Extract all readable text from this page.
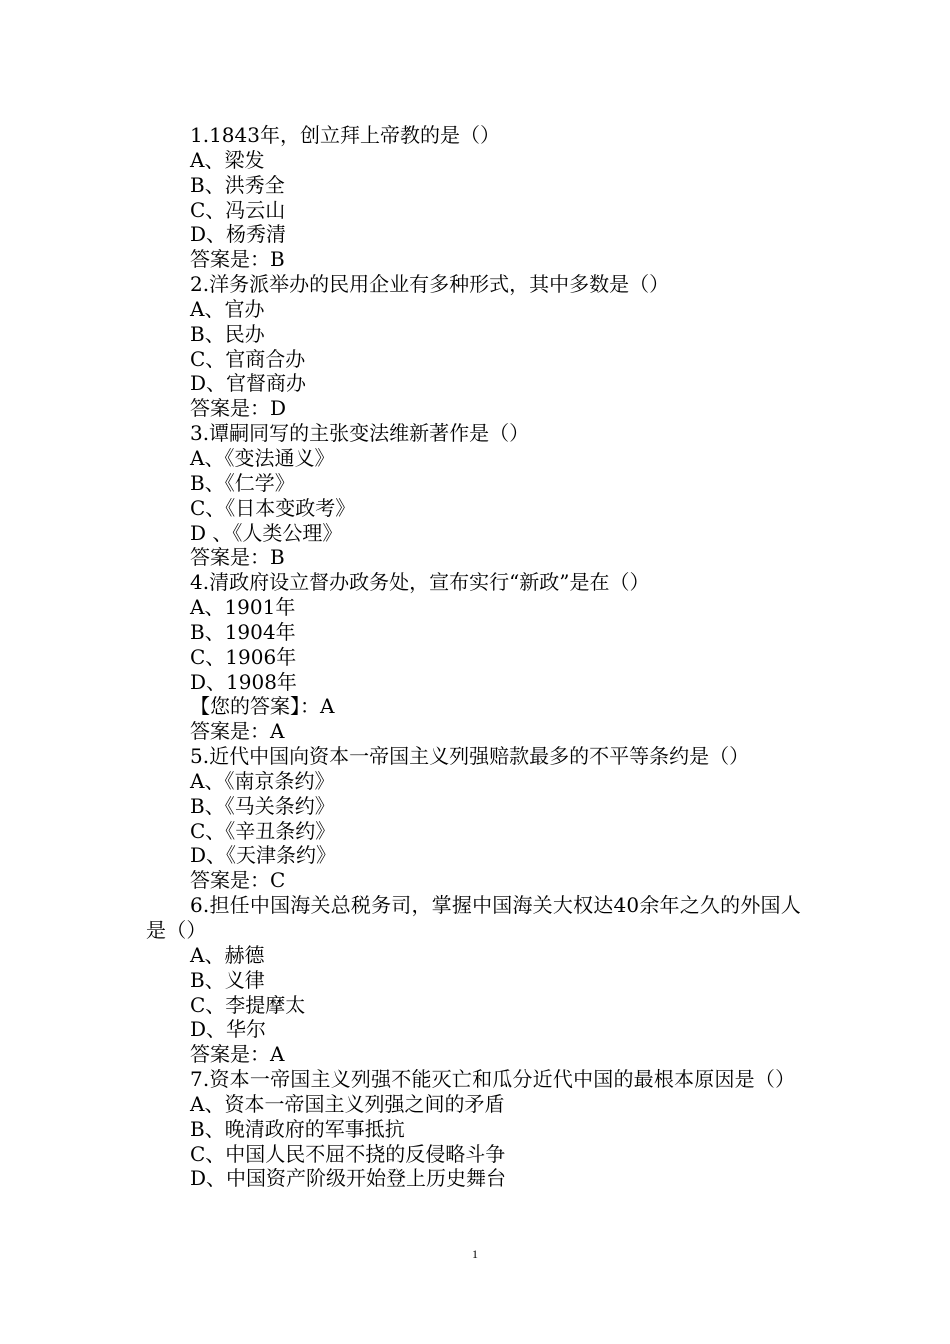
1.1843年，创立拜上帝教的是（）
A、梁发
B、洪秀全
C、冯云山
D、杨秀清
答案是：B
2.洋务派举办的民用企业有多种形式，其中多数是（）
A、官办
B、民办
C、官商合办
D、官督商办
答案是：D
3.谭嗣同写的主张变法维新著作是（）
A、《变法通义》
B、《仁学》
C、《日本变政考》
D 、《人类公理》
答案是：B
4.清政府设立督办政务处，宣布实行“新政”是在（）
A、1901年
B、1904年
C、1906年
D、1908年
【您的答案】：A
答案是：A
5.近代中国向资本一帝国主义列强赔款最多的不平等条约是（）
A、《南京条约》
B、《马关条约》
C、《辛丑条约》
D、《天津条约》
答案是：C
6.担任中国海关总税务司，掌握中国海关大权达40余年之久的外国人是（）
A、赫德
B、义律
C、李提摩太
D、华尔
答案是：A
7.资本一帝国主义列强不能灭亡和瓜分近代中国的最根本原因是（）
A、资本一帝国主义列强之间的矛盾
B、晚清政府的军事抵抗
C、中国人民不屈不挠的反侵略斗争
D、中国资产阶级开始登上历史舞台
1
